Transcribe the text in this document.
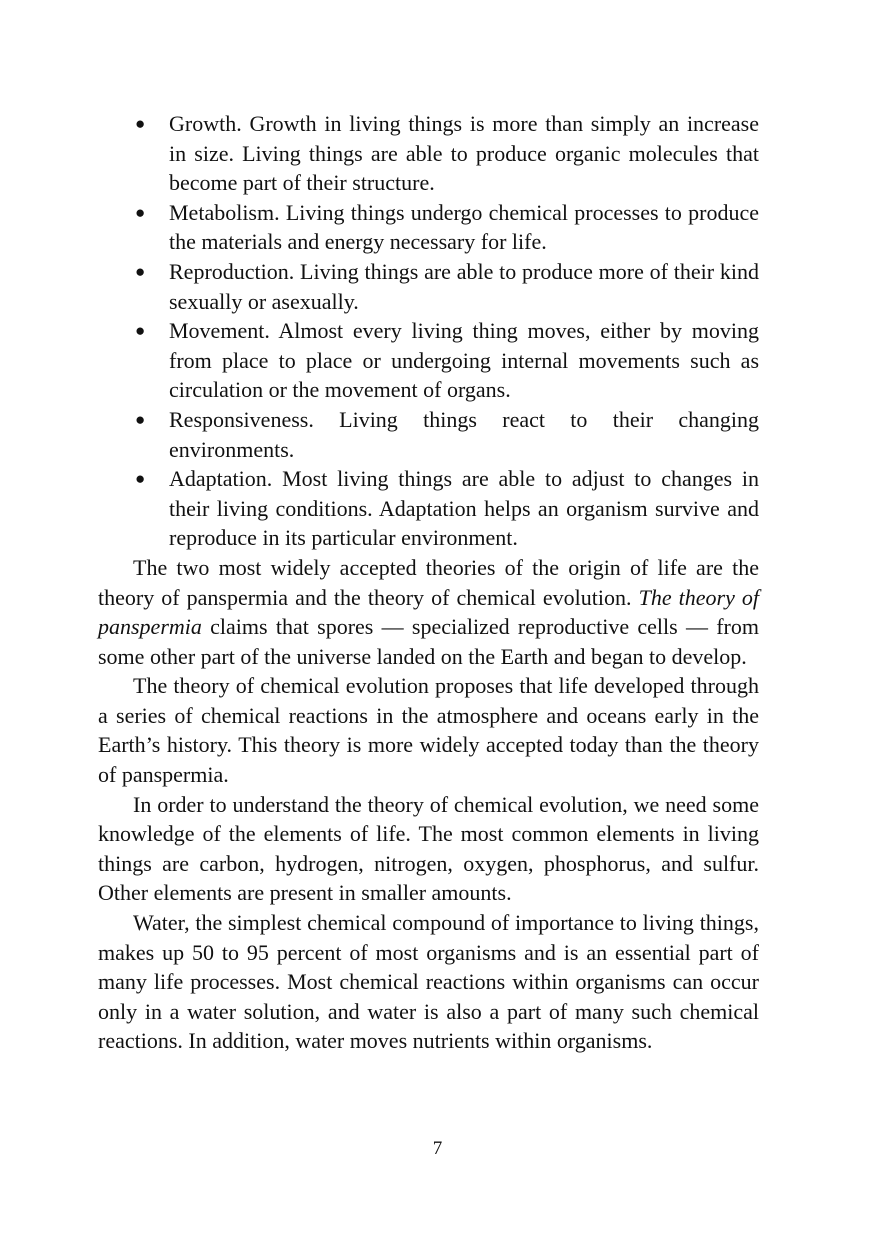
● Growth. Growth in living things is more than simply an increase in size. Living things are able to produce organic molecules that become part of their structure.
● Metabolism. Living things undergo chemical processes to produce the materials and energy necessary for life.
● Reproduction. Living things are able to produce more of their kind sexually or asexually.
● Movement. Almost every living thing moves, either by moving from place to place or undergoing internal movements such as circulation or the movement of organs.
● Responsiveness. Living things react to their changing environments.
● Adaptation. Most living things are able to adjust to changes in their living conditions. Adaptation helps an organism survive and reproduce in its particular environment.

The two most widely accepted theories of the origin of life are the theory of panspermia and the theory of chemical evolution. The theory of panspermia claims that spores — specialized reproductive cells — from some other part of the universe landed on the Earth and began to develop.

The theory of chemical evolution proposes that life developed through a series of chemical reactions in the atmosphere and oceans early in the Earth’s history. This theory is more widely accepted today than the theory of panspermia.

In order to understand the theory of chemical evolution, we need some knowledge of the elements of life. The most common elements in living things are carbon, hydrogen, nitrogen, oxygen, phosphorus, and sulfur. Other elements are present in smaller amounts.

Water, the simplest chemical compound of importance to living things, makes up 50 to 95 percent of most organisms and is an essential part of many life processes. Most chemical reactions within organisms can occur only in a water solution, and water is also a part of many such chemical reactions. In addition, water moves nutrients within organisms.

7
